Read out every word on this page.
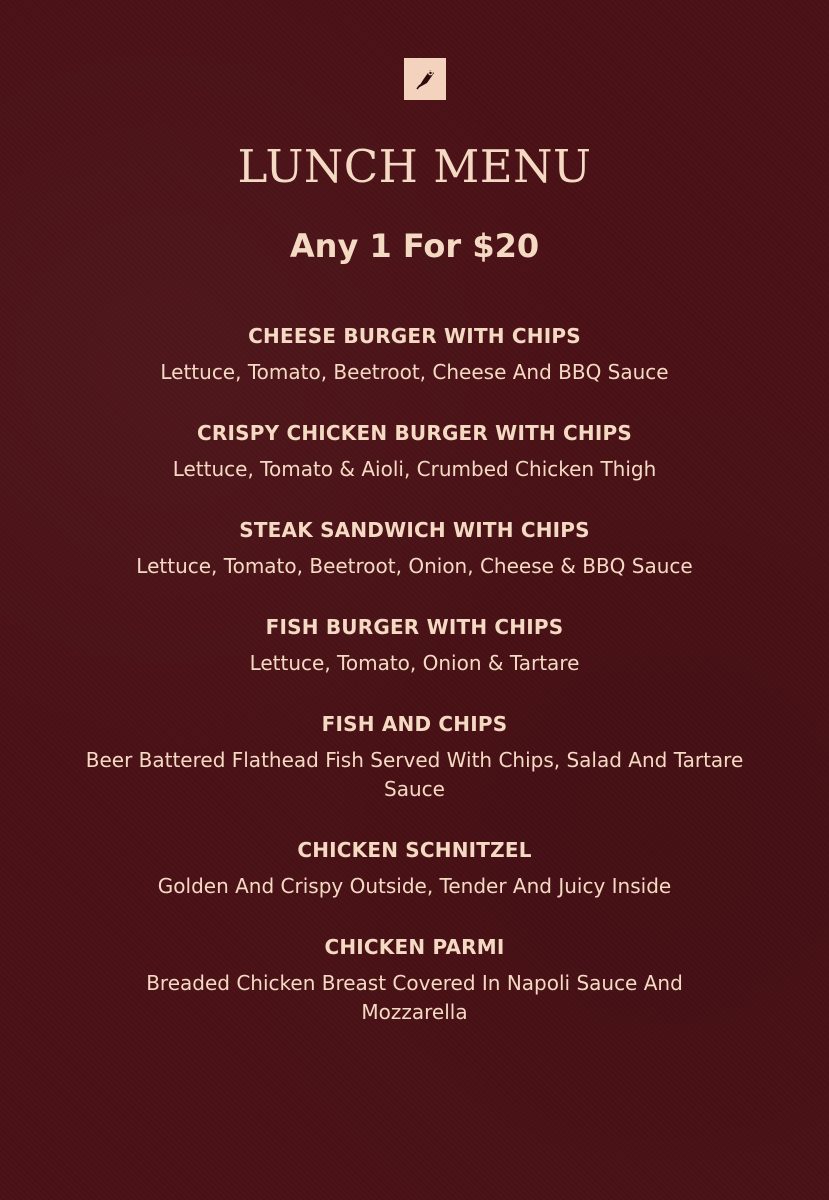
LUNCH MENU
Any 1 For $20
CHEESE BURGER WITH CHIPS
Lettuce, Tomato, Beetroot, Cheese And BBQ Sauce
CRISPY CHICKEN BURGER WITH CHIPS
Lettuce, Tomato & Aioli, Crumbed Chicken Thigh
STEAK SANDWICH WITH CHIPS
Lettuce, Tomato, Beetroot, Onion, Cheese & BBQ Sauce
FISH BURGER WITH CHIPS
Lettuce, Tomato, Onion & Tartare
FISH AND CHIPS
Beer Battered Flathead Fish Served With Chips, Salad And Tartare Sauce
CHICKEN SCHNITZEL
Golden And Crispy Outside, Tender And Juicy Inside
CHICKEN PARMI
Breaded Chicken Breast Covered In Napoli Sauce And Mozzarella
